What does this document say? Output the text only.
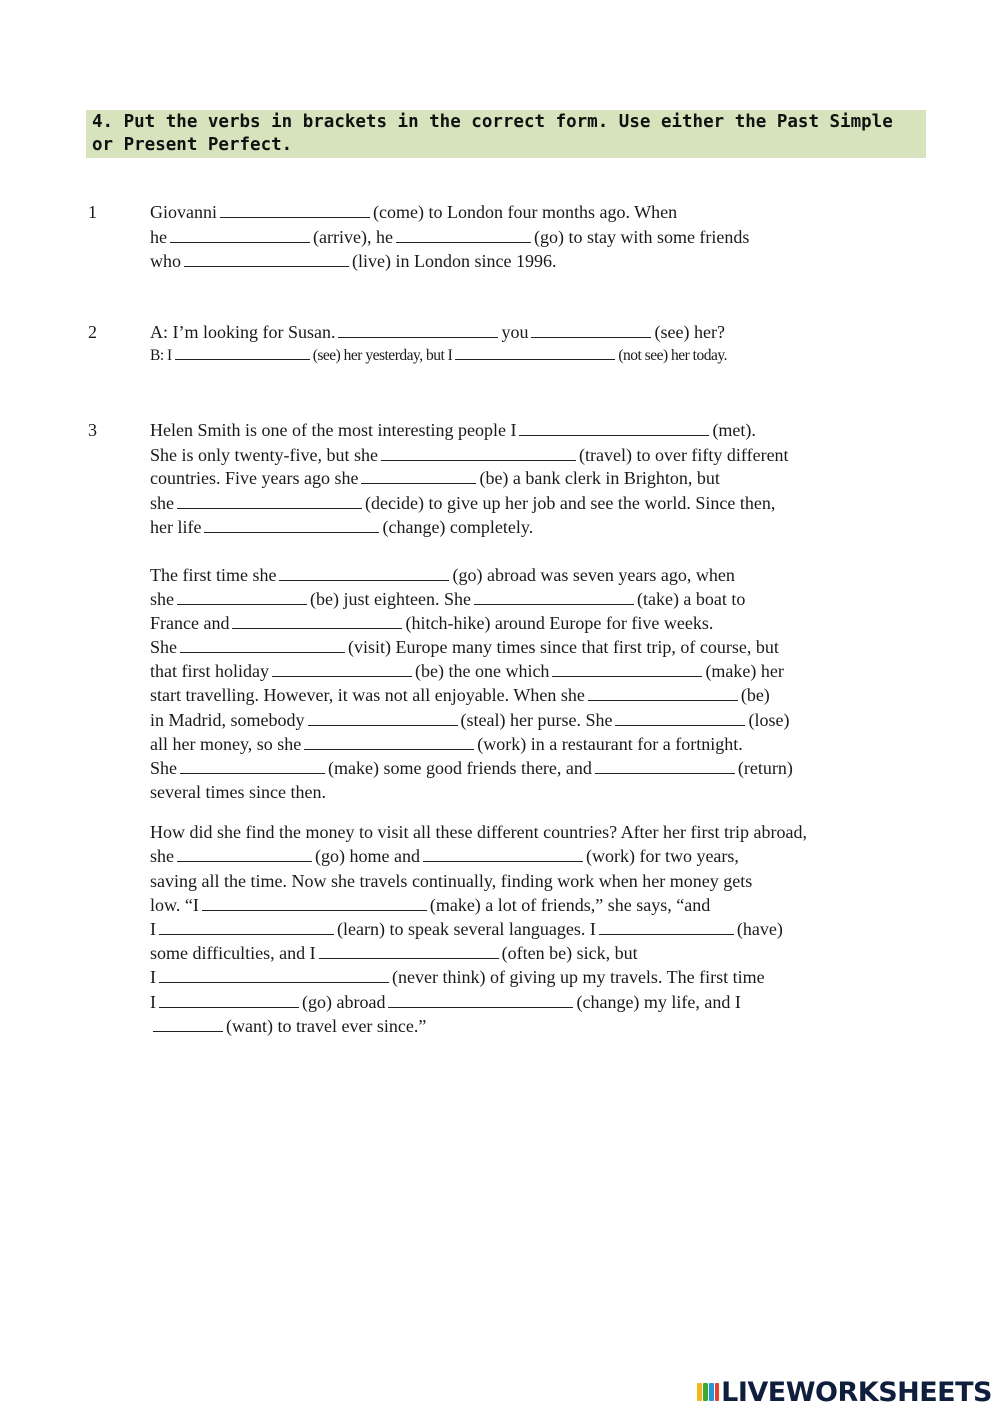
4. Put the verbs in brackets in the correct form. Use either the Past Simple or Present Perfect.
1	Giovanni	(come) to London four months ago. When
he	(arrive), he	(go) to stay with some friends
who	(live) in London since 1996.
2	A: I’m looking for Susan.	you	(see) her?
B: I	(see) her yesterday, but I	(not see) her today.
3	Helen Smith is one of the most interesting people I	(met).
She is only twenty-five, but she	(travel) to over fifty different
countries. Five years ago she	(be) a bank clerk in Brighton, but
she	(decide) to give up her job and see the world. Since then,
her life	(change) completely.
The first time she	(go) abroad was seven years ago, when
she	(be) just eighteen. She	(take) a boat to
France and	(hitch-hike) around Europe for five weeks.
She	(visit) Europe many times since that first trip, of course, but
that first holiday	(be) the one which	(make) her
start travelling. However, it was not all enjoyable. When she	(be)
in Madrid, somebody	(steal) her purse. She	(lose)
all her money, so she	(work) in a restaurant for a fortnight.
She	(make) some good friends there, and	(return)
several times since then.
How did she find the money to visit all these different countries? After her first trip abroad,
she	(go) home and	(work) for two years,
saving all the time. Now she travels continually, finding work when her money gets
low. “I	(make) a lot of friends,” she says, “and
I	(learn) to speak several languages. I	(have)
some difficulties, and I	(often be) sick, but
I	(never think) of giving up my travels. The first time
I	(go) abroad	(change) my life, and I
(want) to travel ever since.”
LIVEWORKSHEETS
